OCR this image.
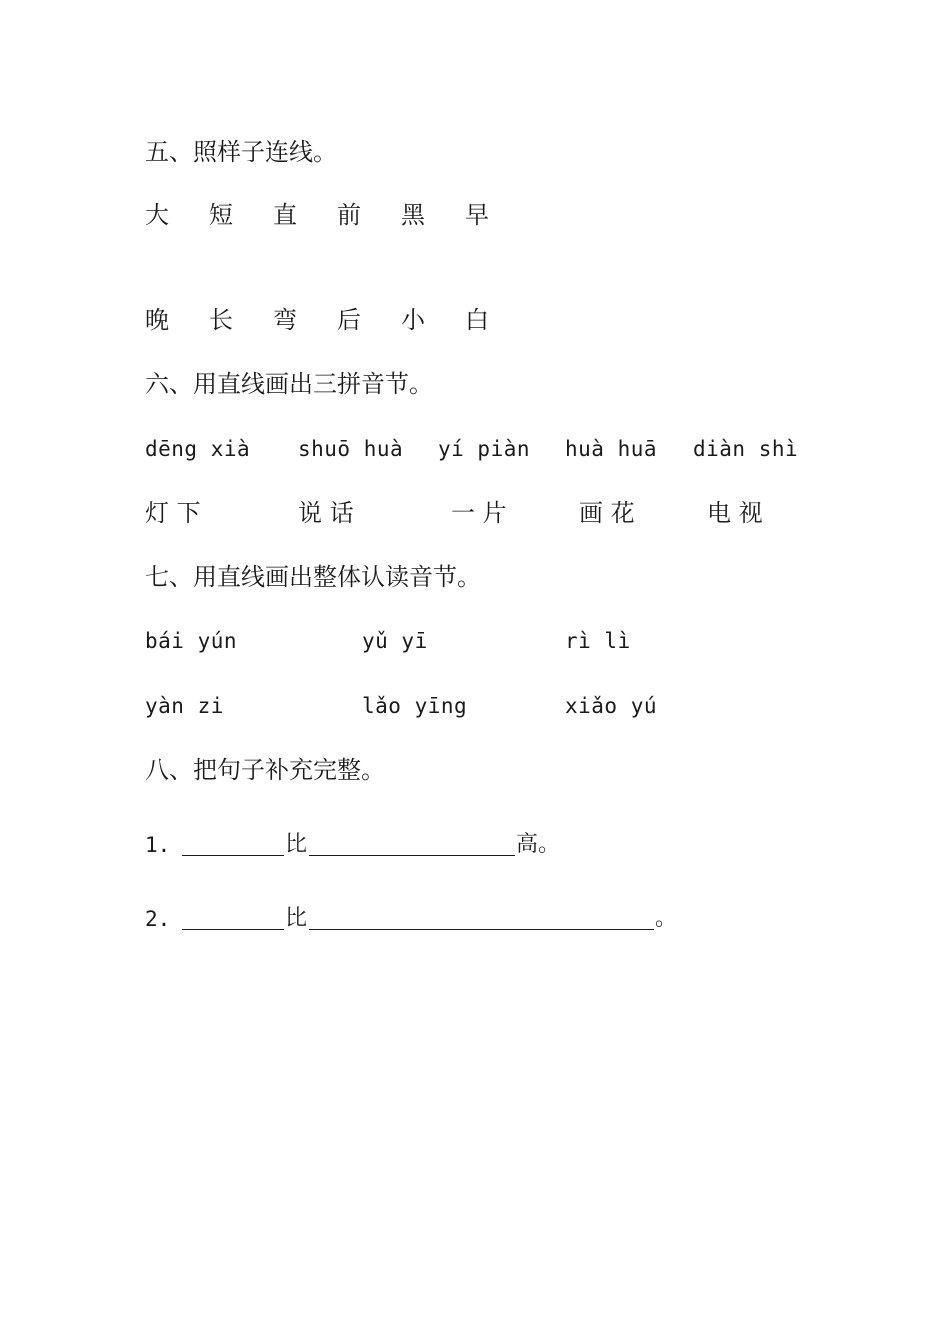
五、照样子连线。
大 短 直 前 黑 早
晚 长 弯 后 小 白
六、用直线画出三拼音节。
dēng xià shuō huà yí piàn huà huā diàn shì
灯 下	说 话	一 片	画 花	电 视
七、用直线画出整体认读音节。
bái yún	yǔ yī	rì lì
yàn zi	lǎo yīng	xiǎo yú
八、把句子补充完整。
1.	比	高。
2.	比	。
